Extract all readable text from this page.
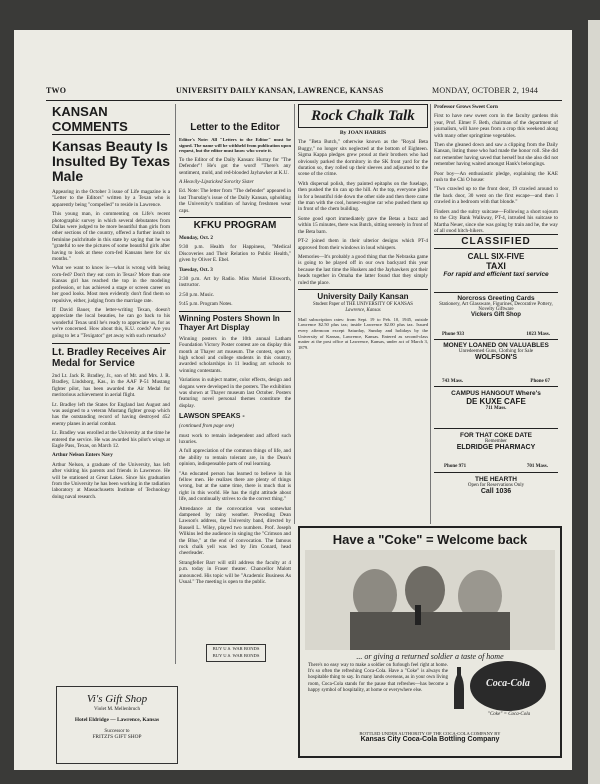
TWO	UNIVERSITY DAILY KANSAN, LAWRENCE, KANSAS	MONDAY, OCTOBER 2, 1944
KANSAN COMMENTS
Kansas Beauty Is Insulted By Texas Male

Appearing in the October 3 issue of Life magazine is a "Letter to the Editors" written by a Texan who is apparently being "compelled" to reside in Lawrence.

This young man, in commenting on Life's recent photographic survey in which several debutantes from Dallas were judged to be more beautiful than girls from other sections of the country, offered a further insult to feminine pulchritude in this state by saying that he was "grateful to see the pictures of some beautiful girls after having to look at these corn-fed Kansans here for six months."

What we want to know is—what is wrong with being corn-fed? Don't they eat corn in Texas? More than one Kansas girl has reached the top in the modeling profession, or has achieved a stage or screen career on her good looks. Most men evidently don't find them so repulsive, either, judging from the marriage rate.

If David Bauer, the letter-writing Texan, doesn't appreciate the local beauties, he can go back to his wonderful Texas until he's ready to appreciate us, for as we're concerned. How about this, K.U. coeds? Are you going to let a "Texigator" get away with such remarks?

Lt. Bradley Receives Air Medal for Service

2nd Lt. Jack R. Bradley, Jr., son of Mr. and Mrs. J. R. Bradley, Lindsborg, Kas., in the AAF P-51 Mustang fighter pilot, has been awarded the Air Medal for meritorious achievement in aerial flight.

Lt. Bradley left the States for England last August and was assigned to a veteran Mustang fighter group which has the outstanding record of having destroyed 452 enemy planes in aerial combat.

Lt. Bradley was enrolled at the University at the time he entered the service. He was awarded his pilot's wings at Eagle Pass, Texas, on March 12.

Arthur Nelson Enters Navy

Arthur Nelson, a graduate of the University, has left after visiting his parents and friends in Lawrence. He will be stationed at Great Lakes. Since his graduation from the University he has been working in the radiation laboratory at Massachusetts Institute of Technology doing naval research.

Vi's Gift Shop
Violet M. Mellenbruch
Hotel Eldridge — Lawrence, Kansas
Successor to
FRITZI'S GIFT SHOP
Letter to the Editor

Editor's Note: All "Letters to the Editor" must be signed. The name will be withheld from publication upon request, but the editor must know who wrote it.

To the Editor of the Daily Kansan: Hurray for "The Defender"! He's got the word! "There's any sentiment, mold, and red-blooded Jayhawker at K.U.

A Heavily-Lipsticked Sorority Sister

Ed. Note: The letter from "The defender" appeared in last Thursday's issue of the Daily Kansan, upholding the University's tradition of having freshmen wear caps.

KFKU PROGRAM

Monday, Oct. 2

9:30 p.m. Health for Happiness, "Medical Discoveries and Their Relation to Public Health," given by Oliver E. Ebel.

Tuesday, Oct. 3

2:30 p.m. Art by Radio. Miss Muriel Ellsworth, instructor.

2:50 p.m. Music.

9:45 p.m. Program Notes.

Winning Posters Shown In Thayer Art Display

Winning posters in the 10th annual Latham Foundation Victory Poster contest are on display this month at Thayer art museum. The contest, open to high school and college students in this country, awarded scholarships in 11 leading art schools to winning contestants.

Variations in subject matter, color effects, design and slogans were developed in the posters. The exhibition was shown at Thayer museum last October. Posters featuring novel personal themes constitute the display.

LAWSON SPEAKS -

(continued from page one)

must work to remain independent and afford such luxuries.

A full appreciation of the common things of life, and the ability to remain tolerant are, in the Dean's opinion, indispensable parts of real learning.

"An educated person has learned to believe in his fellow men. He realizes there are plenty of things wrong, but at the same time, there is much that is right in this world. He has the right attitude about life, and continually strives to do the correct thing."

Attendance at the convocation was somewhat dampened by rainy weather. Preceding Dean Lawson's address, the University band, directed by Russell L. Wiley, played two numbers. Prof. Joseph Wilkins led the audience in singing the "Crimson and the Blue," at the end of convocation. The famous rock chalk yell was led by Jim Conard, head cheerleader.

Strangfeller Barr will still address the faculty at 4 p.m. today in Fraser theater. Chancellor Malott announced. His topic will be "Academic Business As Usual." The meeting is open to the public.

BUY U.S. WAR BONDS
BUY U.S. WAR BONDS
Rock Chalk Talk
By JOAN HARRIS

The "Beta Butch," otherwise known as the "Royal Beta Buggy," no longer sits neglected at the bottom of Eighteen. Sigma Kappa pledges grew proud at their brothers who had obviously parked the dormitory in the SK front yard for the duration so, they rolled up their sleeves and adjourned to the scene of the crime.

With dispersal polish, they painted epitaphs on the fuselage, then pushed the tin can up the hill. At the top, everyone piled in for a beautiful ride down the other side and then there came the man with the cool, honest-engine car who pushed them up in front of the chem building.

Some good sport immediately gave the Betas a buzz and within 15 minutes, there was Butch, sitting serenely in front of the Beta barn.

PT-2 joined them in their ulterior designs which PT-4 approved from their windows in loud whispers.

Memories—It's probably a good thing that the Nebraska game is going to be played off in our own backyard this year because the last time the Huskers and the Jayhawkers got their heads together in Omaha the latter found that they simply ruled the place.

University Daily Kansan
Student Paper of THE UNIVERSITY OF KANSAS
Lawrence, Kansas

Mail subscription rates: from Sept. 19 to Feb. 10, 1945, outside Lawrence $2.50 plus tax; inside Lawrence $2.00 plus tax. Issued every afternoon except Saturday, Sunday and holidays by the University of Kansas, Lawrence, Kansas. Entered as second-class matter at the post office at Lawrence, Kansas, under act of March 3, 1879.

Professor Grows Sweet Corn

First to have new sweet corn in the faculty gardens this year, Prof. Elmer F. Beth, chairman of the department of journalism, will have peas from a crop this weekend along with many other springtime vegetables.

Then she gleaned down and saw a clipping from the Daily Kansan, listing those who had made the honor roll. She did not remember having saved that herself but she also did not remember having waited amongst Hank's belongings.

Poor boy—An enthusiastic pledge, explaining the KAE rush to the Chi O house:

"Two crawled up to the front door, 19 crawled around to the back door, 30 went on the first escape—and then I crawled in a bedroom with that blonde."

Finders and the sultry suitcase—Following a short sojourn to the City Bank Walkway, PT-4, intruded his suitcase to Martha Neuer, since she was going by train and he, the way of all good hitch-hikers.

CLASSIFIED
CALL SIX-FIVE
TAXI
For rapid and efficient taxi service
Norcross Greeting Cards
Stationery, Art Glassware, Figurines, Decorative Pottery, Novelty Giftware
Vickers Gift Shop
Phone 933	1023 Mass.
MONEY LOANED ON VALUABLES
Unredeemed Guns, Clothing for Sale
WOLFSON'S
Phone 67
743 Mass.
CAMPUS HANGOUT Where's
DE KUXE CAFE
711 Mass.
FOR THAT COKE DATE
Remember
ELDRIDGE PHARMACY
701 Mass.
Phone 971
THE HEARTH
Open for Reservations Only
Call 1036
Have a "Coke" = Welcome back
... or giving a returned soldier a taste of home
There's no easy way to make a soldier on furlough feel right at home. It's so often the refreshing Coca-Cola. Have a "Coke" is always the hospitable thing to say. In many lands overseas, as in your own living room, Coca-Cola stands for the pause that refreshes—has become a happy symbol of hospitality, at home or everywhere else.
Coca-Cola
"Coke" = Coca-Cola
BOTTLED UNDER AUTHORITY OF THE COCA-COLA COMPANY BY
Kansas City Coca-Cola Bottling Company
